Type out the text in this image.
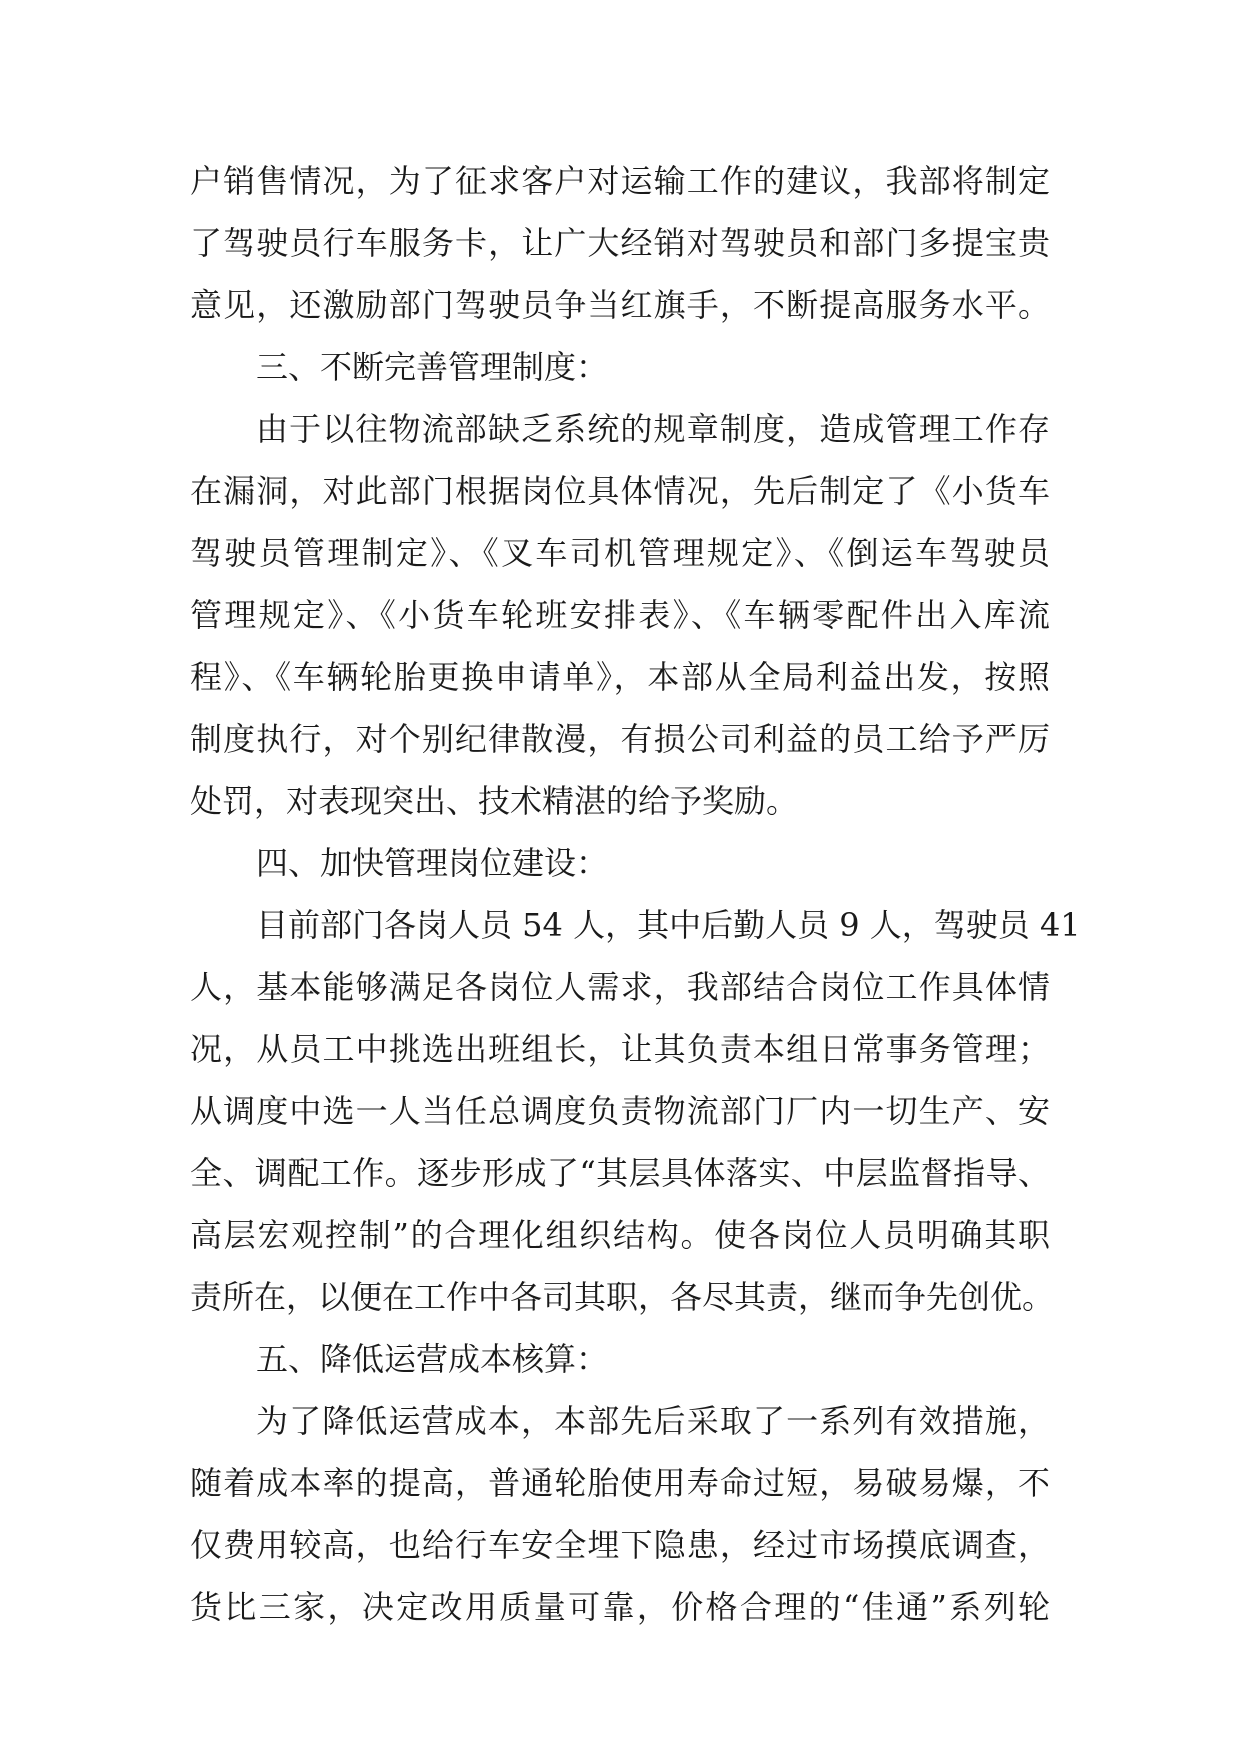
户销售情况，为了征求客户对运输工作的建议，我部将制定
了驾驶员行车服务卡，让广大经销对驾驶员和部门多提宝贵
意见，还激励部门驾驶员争当红旗手，不断提高服务水平。
三、不断完善管理制度：
由于以往物流部缺乏系统的规章制度，造成管理工作存
在漏洞，对此部门根据岗位具体情况，先后制定了《小货车
驾驶员管理制定》、《叉车司机管理规定》、《倒运车驾驶员
管理规定》、《小货车轮班安排表》、《车辆零配件出入库流
程》、《车辆轮胎更换申请单》，本部从全局利益出发，按照
制度执行，对个别纪律散漫，有损公司利益的员工给予严厉
处罚，对表现突出、技术精湛的给予奖励。
四、加快管理岗位建设：
目前部门各岗人员 54 人，其中后勤人员 9 人，驾驶员 41
人，基本能够满足各岗位人需求，我部结合岗位工作具体情
况，从员工中挑选出班组长，让其负责本组日常事务管理；
从调度中选一人当任总调度负责物流部门厂内一切生产、安
全、调配工作。逐步形成了“其层具体落实、中层监督指导、
高层宏观控制”的合理化组织结构。使各岗位人员明确其职
责所在，以便在工作中各司其职，各尽其责，继而争先创优。
五、降低运营成本核算：
为了降低运营成本，本部先后采取了一系列有效措施，
随着成本率的提高，普通轮胎使用寿命过短，易破易爆，不
仅费用较高，也给行车安全埋下隐患，经过市场摸底调查，
货比三家，决定改用质量可靠，价格合理的“佳通”系列轮
